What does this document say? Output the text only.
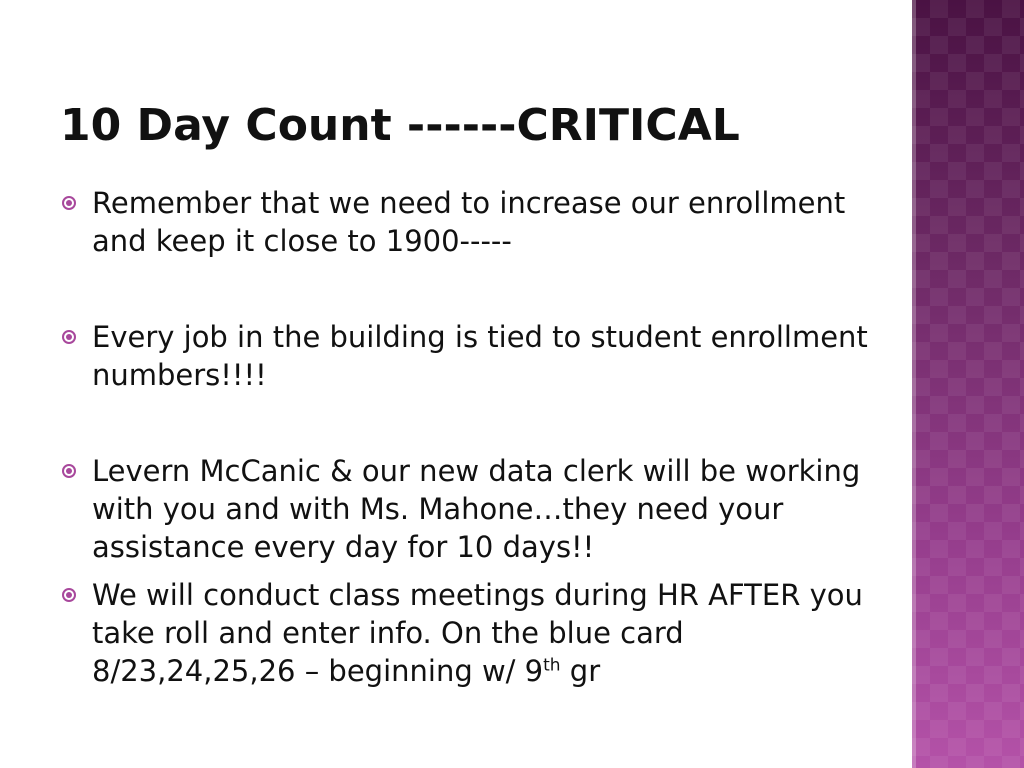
10 Day Count ------CRITICAL
Remember that we need to increase our enrollment and keep it close to 1900-----
Every job in the building is tied to student enrollment numbers!!!!
Levern McCanic & our new data clerk will be working with you and with Ms. Mahone…they need your assistance every day for 10 days!!
We will conduct class meetings during HR AFTER you take roll and enter info. On the blue card 8/23,24,25,26 – beginning w/ 9th gr
